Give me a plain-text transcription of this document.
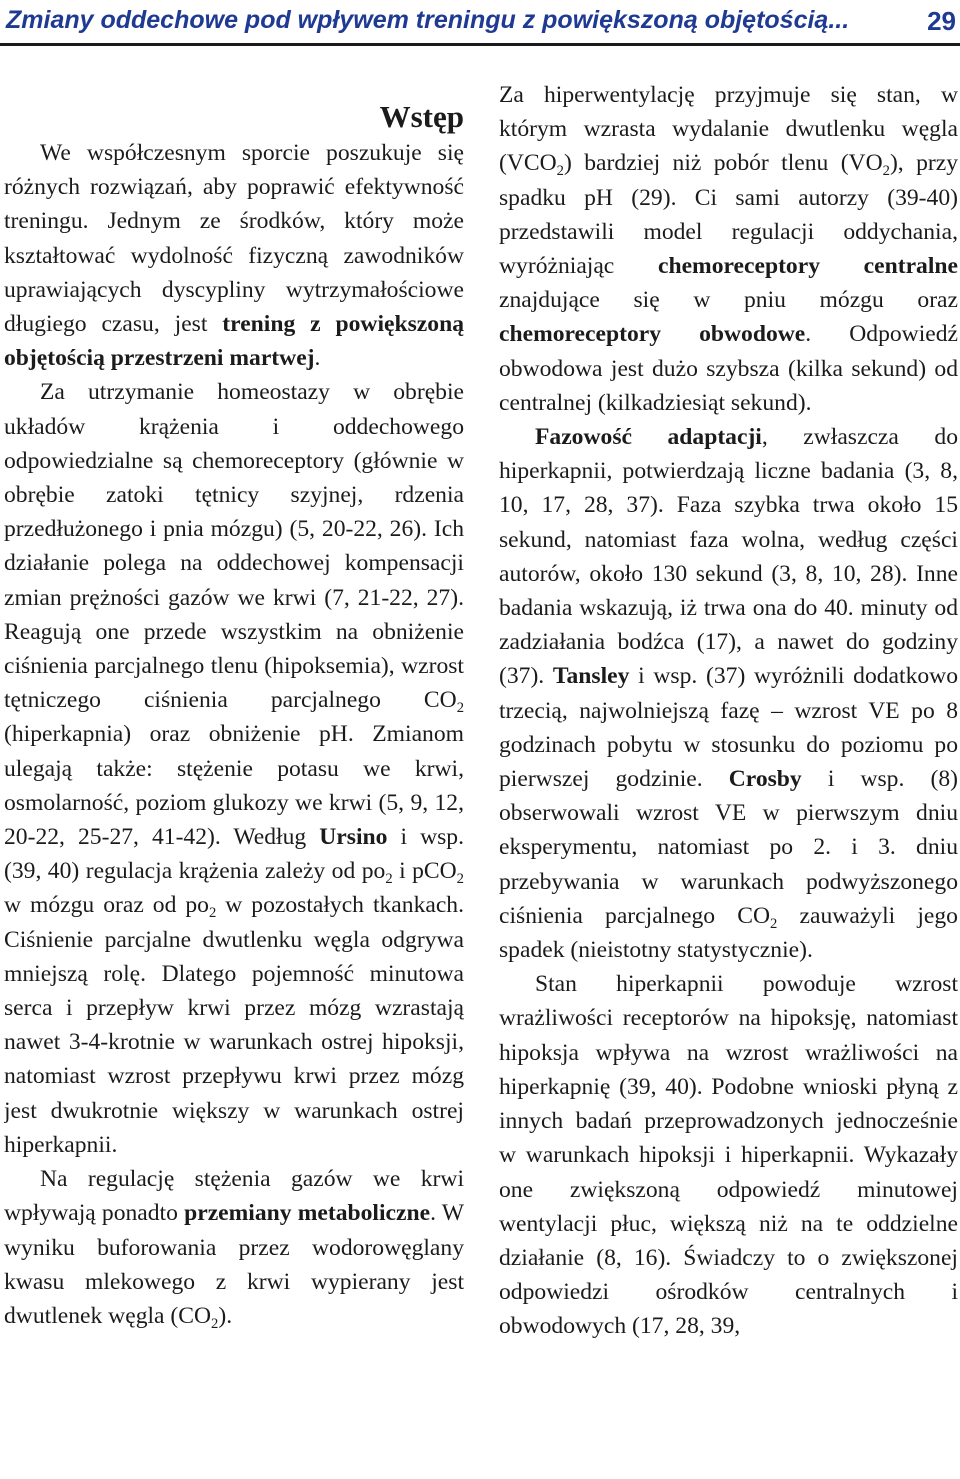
Zmiany oddechowe pod wpływem treningu z powiększoną objętością...	29
Wstęp

We współczesnym sporcie poszukuje się różnych rozwiązań, aby poprawić efektywność treningu. Jednym ze środków, który może kształtować wydolność fizyczną zawodników uprawiających dyscypliny wytrzymałościowe długiego czasu, jest trening z powiększoną objętością przestrzeni martwej.

Za utrzymanie homeostazy w obrębie układów krążenia i oddechowego odpowiedzialne są chemoreceptory (głównie w obrębie zatoki tętnicy szyjnej, rdzenia przedłużonego i pnia mózgu) (5, 20-22, 26). Ich działanie polega na oddechowej kompensacji zmian prężności gazów we krwi (7, 21-22, 27). Reagują one przede wszystkim na obniżenie ciśnienia parcjalnego tlenu (hipoksemia), wzrost tętniczego ciśnienia parcjalnego $CO_2$ (hiperkapnia) oraz obniżenie pH. Zmianom ulegają także: stężenie potasu we krwi, osmolarność, poziom glukozy we krwi (5, 9, 12, 20-22, 25-27, 41-42). Według Ursino i wsp. (39, 40) regulacja krążenia zależy od $po_2$ i pCO$_2$ w mózgu oraz od $po_2$ w pozostałych tkankach. Ciśnienie parcjalne dwutlenku węgla odgrywa mniejszą rolę. Dlatego pojemność minutowa serca i przepływ krwi przez mózg wzrastają nawet 3-4-krotnie w warunkach ostrej hipoksji, natomiast wzrost przepływu krwi przez mózg jest dwukrotnie większy w warunkach ostrej hiperkapnii.

Na regulację stężenia gazów we krwi wpływają ponadto przemiany metaboliczne. W wyniku buforowania przez wodorowęglany kwasu mlekowego z krwi wypierany jest dwutlenek węgla $(CO_2)$.

Za hiperwentylację przyjmuje się stan, w którym wzrasta wydalanie dwutlenku węgla $(VCO_2)$ bardziej niż pobór tlenu $(VO_2)$, przy spadku pH (29). Ci sami autorzy (39-40) przedstawili model regulacji oddychania, wyróżniając chemoreceptory centralne znajdujące się w pniu mózgu oraz chemoreceptory obwodowe. Odpowiedź obwodowa jest dużo szybsza (kilka sekund) od centralnej (kilkadziesiąt sekund).

Fazowość adaptacji, zwłaszcza do hiperkapnii, potwierdzają liczne badania (3, 8, 10, 17, 28, 37). Faza szybka trwa około 15 sekund, natomiast faza wolna, według części autorów, około 130 sekund (3, 8, 10, 28). Inne badania wskazują, iż trwa ona do 40. minuty od zadziałania bodźca (17), a nawet do godziny (37). Tansley i wsp. (37) wyróżnili dodatkowo trzecią, najwolniejszą fazę – wzrost VE po 8 godzinach pobytu w stosunku do poziomu po pierwszej godzinie. Crosby i wsp. (8) obserwowali wzrost VE w pierwszym dniu eksperymentu, natomiast po 2. i 3. dniu przebywania w warunkach podwyższonego ciśnienia parcjalnego $CO_2$ zauważyli jego spadek (nieistotny statystycznie).

Stan hiperkapnii powoduje wzrost wrażliwości receptorów na hipoksję, natomiast hipoksja wpływa na wzrost wrażliwości na hiperkapnię (39, 40). Podobne wnioski płyną z innych badań przeprowadzonych jednocześnie w warunkach hipoksji i hiperkapnii. Wykazały one zwiększoną odpowiedź minutowej wentylacji płuc, większą niż na te oddzielne działanie (8, 16). Świadczy to o zwiększonej odpowiedzi ośrodków centralnych i obwodowych (17, 28, 39,
